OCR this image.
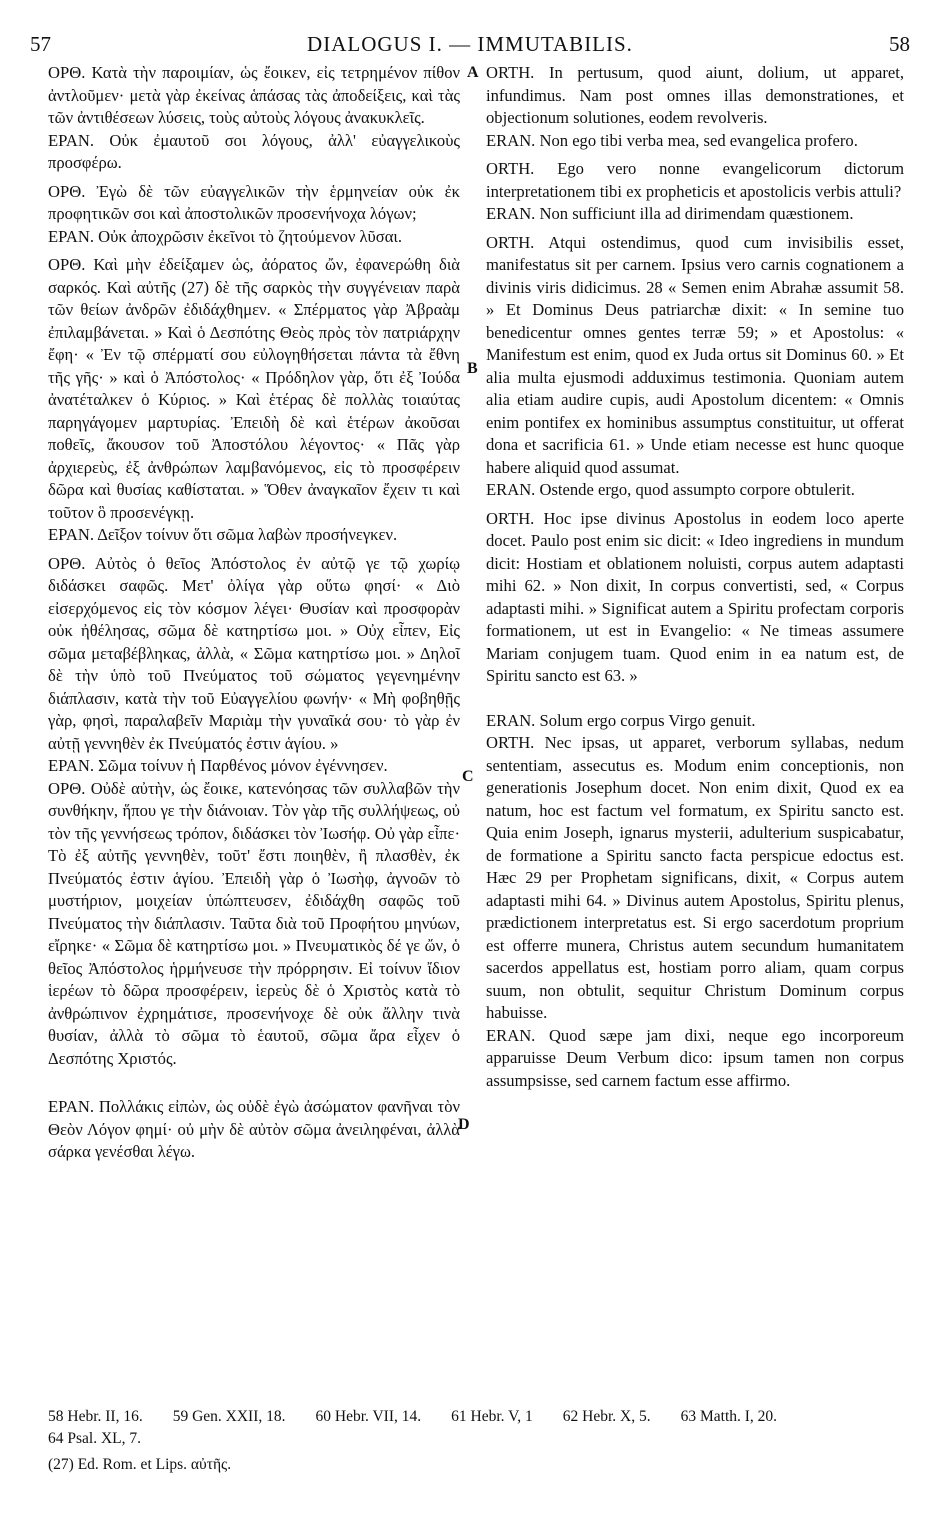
57	DIALOGUS I. — IMMUTABILIS.	58
A
B
C
D

ΟΡΘ. Κατὰ τὴν παροιμίαν, ὡς ἔοικεν, εἰς τετρημένον πίθον ἀντλοῦμεν· μετὰ γὰρ ἐκείνας ἁπάσας τὰς ἀποδείξεις, καὶ τὰς τῶν ἀντιθέσεων λύσεις, τοὺς αὐτοὺς λόγους ἀνακυκλεῖς.

ΕΡΑΝ. Οὐκ ἐμαυτοῦ σοι λόγους, ἀλλ' εὐαγγελικοὺς προσφέρω.

ΟΡΘ. Ἐγὼ δὲ τῶν εὐαγγελικῶν τὴν ἑρμηνείαν οὐκ ἐκ προφητικῶν σοι καὶ ἀποστολικῶν προσενήνοχα λόγων;

ΕΡΑΝ. Οὐκ ἀποχρῶσιν ἐκεῖνοι τὸ ζητούμενον λῦσαι.

ΟΡΘ. Καὶ μὴν ἐδείξαμεν ὡς, ἀόρατος ὤν, ἐφανερώθη διὰ σαρκός. Καὶ αὐτῆς (27) δὲ τῆς σαρκὸς τὴν συγγένειαν παρὰ τῶν θείων ἀνδρῶν ἐδιδάχθημεν. « Σπέρματος γὰρ Ἀβραὰμ ἐπιλαμβάνεται. » Καὶ ὁ Δεσπότης Θεὸς πρὸς τὸν πατριάρχην ἔφη· « Ἐν τῷ σπέρματί σου εὐλογηθήσεται πάντα τὰ ἔθνη τῆς γῆς· » καὶ ὁ Ἀπόστολος· « Πρόδηλον γὰρ, ὅτι ἐξ Ἰούδα ἀνατέταλκεν ὁ Κύριος. » Καὶ ἑτέρας δὲ πολλὰς τοιαύτας παρηγάγομεν μαρτυρίας. Ἐπειδὴ δὲ καὶ ἑτέρων ἀκοῦσαι ποθεῖς, ἄκουσον τοῦ Ἀποστόλου λέγοντος· « Πᾶς γὰρ ἀρχιερεὺς, ἐξ ἀνθρώπων λαμβανόμενος, εἰς τὸ προσφέρειν δῶρα καὶ θυσίας καθίσταται. » Ὅθεν ἀναγκαῖον ἔχειν τι καὶ τοῦτον ὃ προσενέγκῃ.

ΕΡΑΝ. Δεῖξον τοίνυν ὅτι σῶμα λαβὼν προσήνεγκεν.

ΟΡΘ. Αὐτὸς ὁ θεῖος Ἀπόστολος ἐν αὐτῷ γε τῷ χωρίῳ διδάσκει σαφῶς. Μετ' ὀλίγα γὰρ οὕτω φησί· « Διὸ εἰσερχόμενος εἰς τὸν κόσμον λέγει· Θυσίαν καὶ προσφορὰν οὐκ ἠθέλησας, σῶμα δὲ κατηρτίσω μοι. » Οὐχ εἶπεν, Εἰς σῶμα μεταβέβληκας, ἀλλὰ, « Σῶμα κατηρτίσω μοι. » Δηλοῖ δὲ τὴν ὑπὸ τοῦ Πνεύματος τοῦ σώματος γεγενημένην διάπλασιν, κατὰ τὴν τοῦ Εὐαγγελίου φωνήν· « Μὴ φοβηθῇς γὰρ, φησὶ, παραλαβεῖν Μαριὰμ τὴν γυναῖκά σου· τὸ γὰρ ἐν αὐτῇ γεννηθὲν ἐκ Πνεύματός ἐστιν ἁγίου. »

ΕΡΑΝ. Σῶμα τοίνυν ἡ Παρθένος μόνον ἐγέννησεν.

ΟΡΘ. Οὐδὲ αὐτὴν, ὡς ἔοικε, κατενόησας τῶν συλλαβῶν τὴν συνθήκην, ἥπου γε τὴν διάνοιαν. Τὸν γὰρ τῆς συλλήψεως, οὐ τὸν τῆς γεννήσεως τρόπον, διδάσκει τὸν Ἰωσήφ. Οὐ γὰρ εἶπε· Τὸ ἐξ αὐτῆς γεννηθὲν, τοῦτ' ἔστι ποιηθὲν, ἢ πλασθὲν, ἐκ Πνεύματός ἐστιν ἁγίου. Ἐπειδὴ γὰρ ὁ Ἰωσὴφ, ἀγνοῶν τὸ μυστήριον, μοιχείαν ὑπώπτευσεν, ἐδιδάχθη σαφῶς τοῦ Πνεύματος τὴν διάπλασιν. Ταῦτα διὰ τοῦ Προφήτου μηνύων, εἴρηκε· « Σῶμα δὲ κατηρτίσω μοι. » Πνευματικὸς δέ γε ὤν, ὁ θεῖος Ἀπόστολος ἡρμήνευσε τὴν πρόρρησιν. Εἰ τοίνυν ἴδιον ἱερέων τὸ δῶρα προσφέρειν, ἱερεὺς δὲ ὁ Χριστὸς κατὰ τὸ ἀνθρώπινον ἐχρημάτισε, προσενήνοχε δὲ οὐκ ἄλλην τινὰ θυσίαν, ἀλλὰ τὸ σῶμα τὸ ἑαυτοῦ, σῶμα ἄρα εἶχεν ὁ Δεσπότης Χριστός.

ΕΡΑΝ. Πολλάκις εἰπὼν, ὡς οὐδὲ ἐγὼ ἀσώματον φανῆναι τὸν Θεὸν Λόγον φημί· οὐ μὴν δὲ αὐτὸν σῶμα ἀνειληφέναι, ἀλλὰ σάρκα γενέσθαι λέγω.

ORTH. In pertusum, quod aiunt, dolium, ut apparet, infundimus. Nam post omnes illas demonstrationes, et objectionum solutiones, eodem revolveris.

ERAN. Non ego tibi verba mea, sed evangelica profero.

ORTH. Ego vero nonne evangelicorum dictorum interpretationem tibi ex propheticis et apostolicis verbis attuli?

ERAN. Non sufficiunt illa ad dirimendam quæstionem.

ORTH. Atqui ostendimus, quod cum invisibilis esset, manifestatus sit per carnem. Ipsius vero carnis cognationem a divinis viris didicimus. 28 « Semen enim Abrahæ assumit 58. » Et Dominus Deus patriarchæ dixit: « In semine tuo benedicentur omnes gentes terræ 59; » et Apostolus: « Manifestum est enim, quod ex Juda ortus sit Dominus 60. » Et alia multa ejusmodi adduximus testimonia. Quoniam autem alia etiam audire cupis, audi Apostolum dicentem: « Omnis enim pontifex ex hominibus assumptus constituitur, ut offerat dona et sacrificia 61. » Unde etiam necesse est hunc quoque habere aliquid quod assumat.

ERAN. Ostende ergo, quod assumpto corpore obtulerit.

ORTH. Hoc ipse divinus Apostolus in eodem loco aperte docet. Paulo post enim sic dicit: « Ideo ingrediens in mundum dicit: Hostiam et oblationem noluisti, corpus autem adaptasti mihi 62. » Non dixit, In corpus convertisti, sed, « Corpus adaptasti mihi. » Significat autem a Spiritu profectam corporis formationem, ut est in Evangelio: « Ne timeas assumere Mariam conjugem tuam. Quod enim in ea natum est, de Spiritu sancto est 63. »

ERAN. Solum ergo corpus Virgo genuit.

ORTH. Nec ipsas, ut apparet, verborum syllabas, nedum sententiam, assecutus es. Modum enim conceptionis, non generationis Josephum docet. Non enim dixit, Quod ex ea natum, hoc est factum vel formatum, ex Spiritu sancto est. Quia enim Joseph, ignarus mysterii, adulterium suspicabatur, de formatione a Spiritu sancto facta perspicue edoctus est. Hæc 29 per Prophetam significans, dixit, « Corpus autem adaptasti mihi 64. » Divinus autem Apostolus, Spiritu plenus, prædictionem interpretatus est. Si ergo sacerdotum proprium est offerre munera, Christus autem secundum humanitatem sacerdos appellatus est, hostiam porro aliam, quam corpus suum, non obtulit, sequitur Christum Dominum corpus habuisse.

ERAN. Quod sæpe jam dixi, neque ego incorporeum apparuisse Deum Verbum dico: ipsum tamen non corpus assumpsisse, sed carnem factum esse affirmo.

58 Hebr. II, 16. 59 Gen. XXII, 18. 60 Hebr. VII, 14. 61 Hebr. V, 1 62 Hebr. X, 5. 63 Matth. I, 20.
64 Psal. XL, 7.
(27) Ed. Rom. et Lips. αὐτῆς.
